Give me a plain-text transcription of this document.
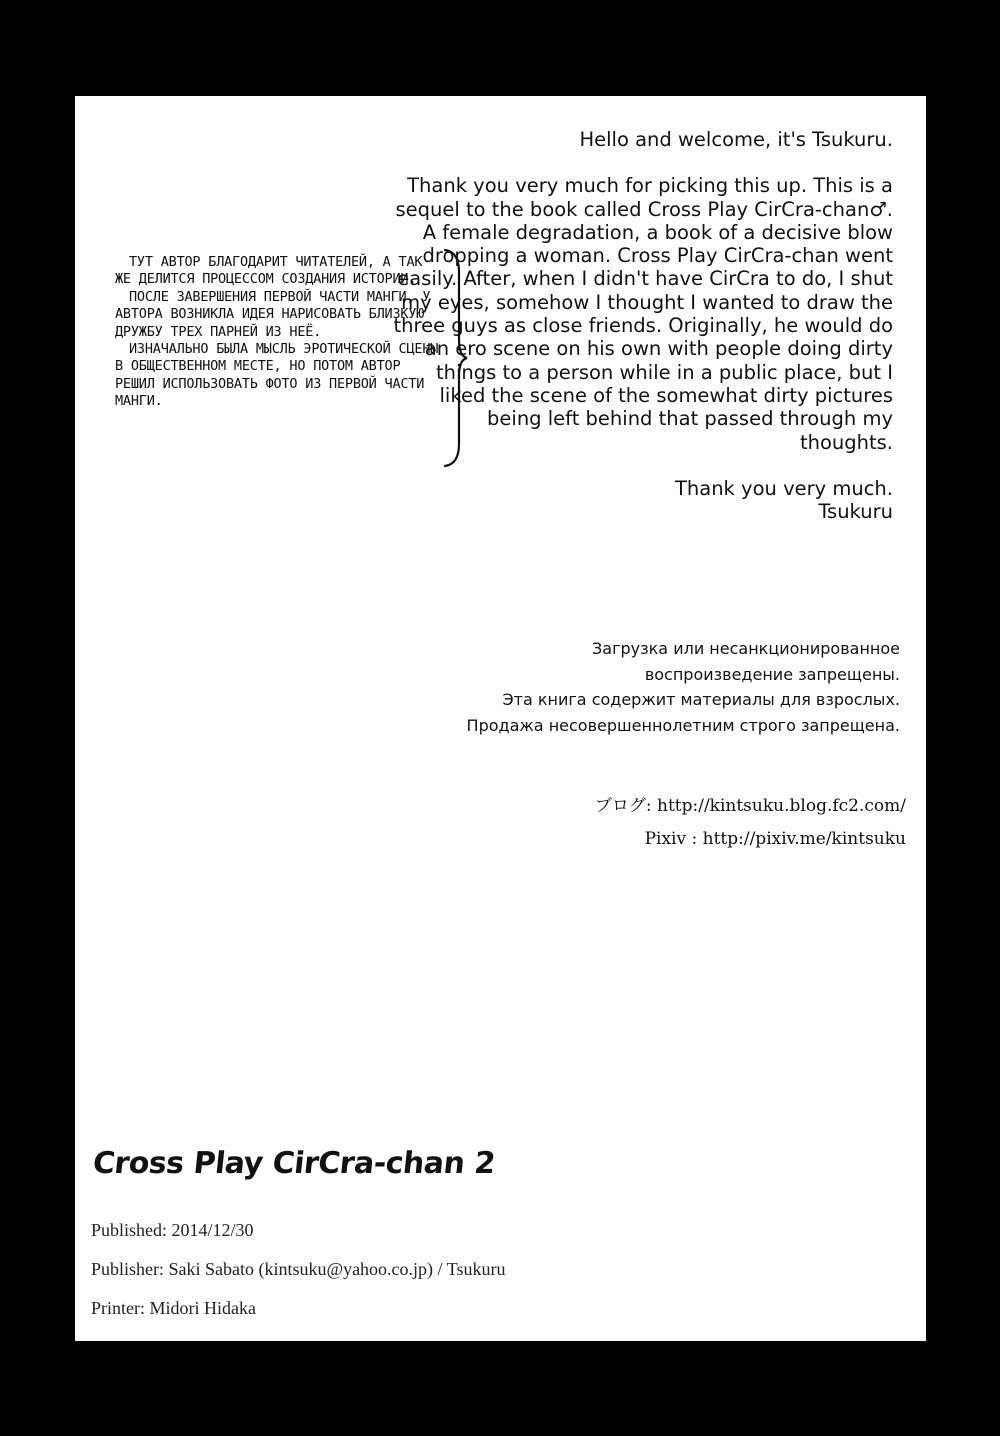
ТУТ АВТОР БЛАГОДАРИТ ЧИТАТЕЛЕЙ, А ТАК ЖЕ ДЕЛИТСЯ ПРОЦЕССОМ СОЗДАНИЯ ИСТОРИИ.

ПОСЛЕ ЗАВЕРШЕНИЯ ПЕРВОЙ ЧАСТИ МАНГИ, У АВТОРА ВОЗНИКЛА ИДЕЯ НАРИСОВАТЬ БЛИЗКУЮ ДРУЖБУ ТРЕХ ПАРНЕЙ ИЗ НЕЁ.

ИЗНАЧАЛЬНО БЫЛА МЫСЛЬ ЭРОТИЧЕСКОЙ СЦЕНЫ В ОБЩЕСТВЕННОМ МЕСТЕ, НО ПОТОМ АВТОР РЕШИЛ ИСПОЛЬЗОВАТЬ ФОТО ИЗ ПЕРВОЙ ЧАСТИ МАНГИ.

Hello and welcome, it's Tsukuru.

Thank you very much for picking this up. This is a sequel to the book called Cross Play CirCra-chan♂. A female degradation, a book of a decisive blow dropping a woman. Cross Play CirCra-chan went easily. After, when I didn't have CirCra to do, I shut my eyes, somehow I thought I wanted to draw the three guys as close friends. Originally, he would do an ero scene on his own with people doing dirty things to a person while in a public place, but I liked the scene of the somewhat dirty pictures being left behind that passed through my thoughts.

Thank you very much.
Tsukuru

Загрузка или несанкционированное
воспроизведение запрещены.
Эта книга содержит материалы для взрослых.
Продажа несовершеннолетним строго запрещена.
ブログ: http://kintsuku.blog.fc2.com/
Pixiv : http://pixiv.me/kintsuku
Cross Play CirCra-chan 2
Published: 2014/12/30
Publisher: Saki Sabato (kintsuku@yahoo.co.jp) / Tsukuru
Printer: Midori Hidaka
